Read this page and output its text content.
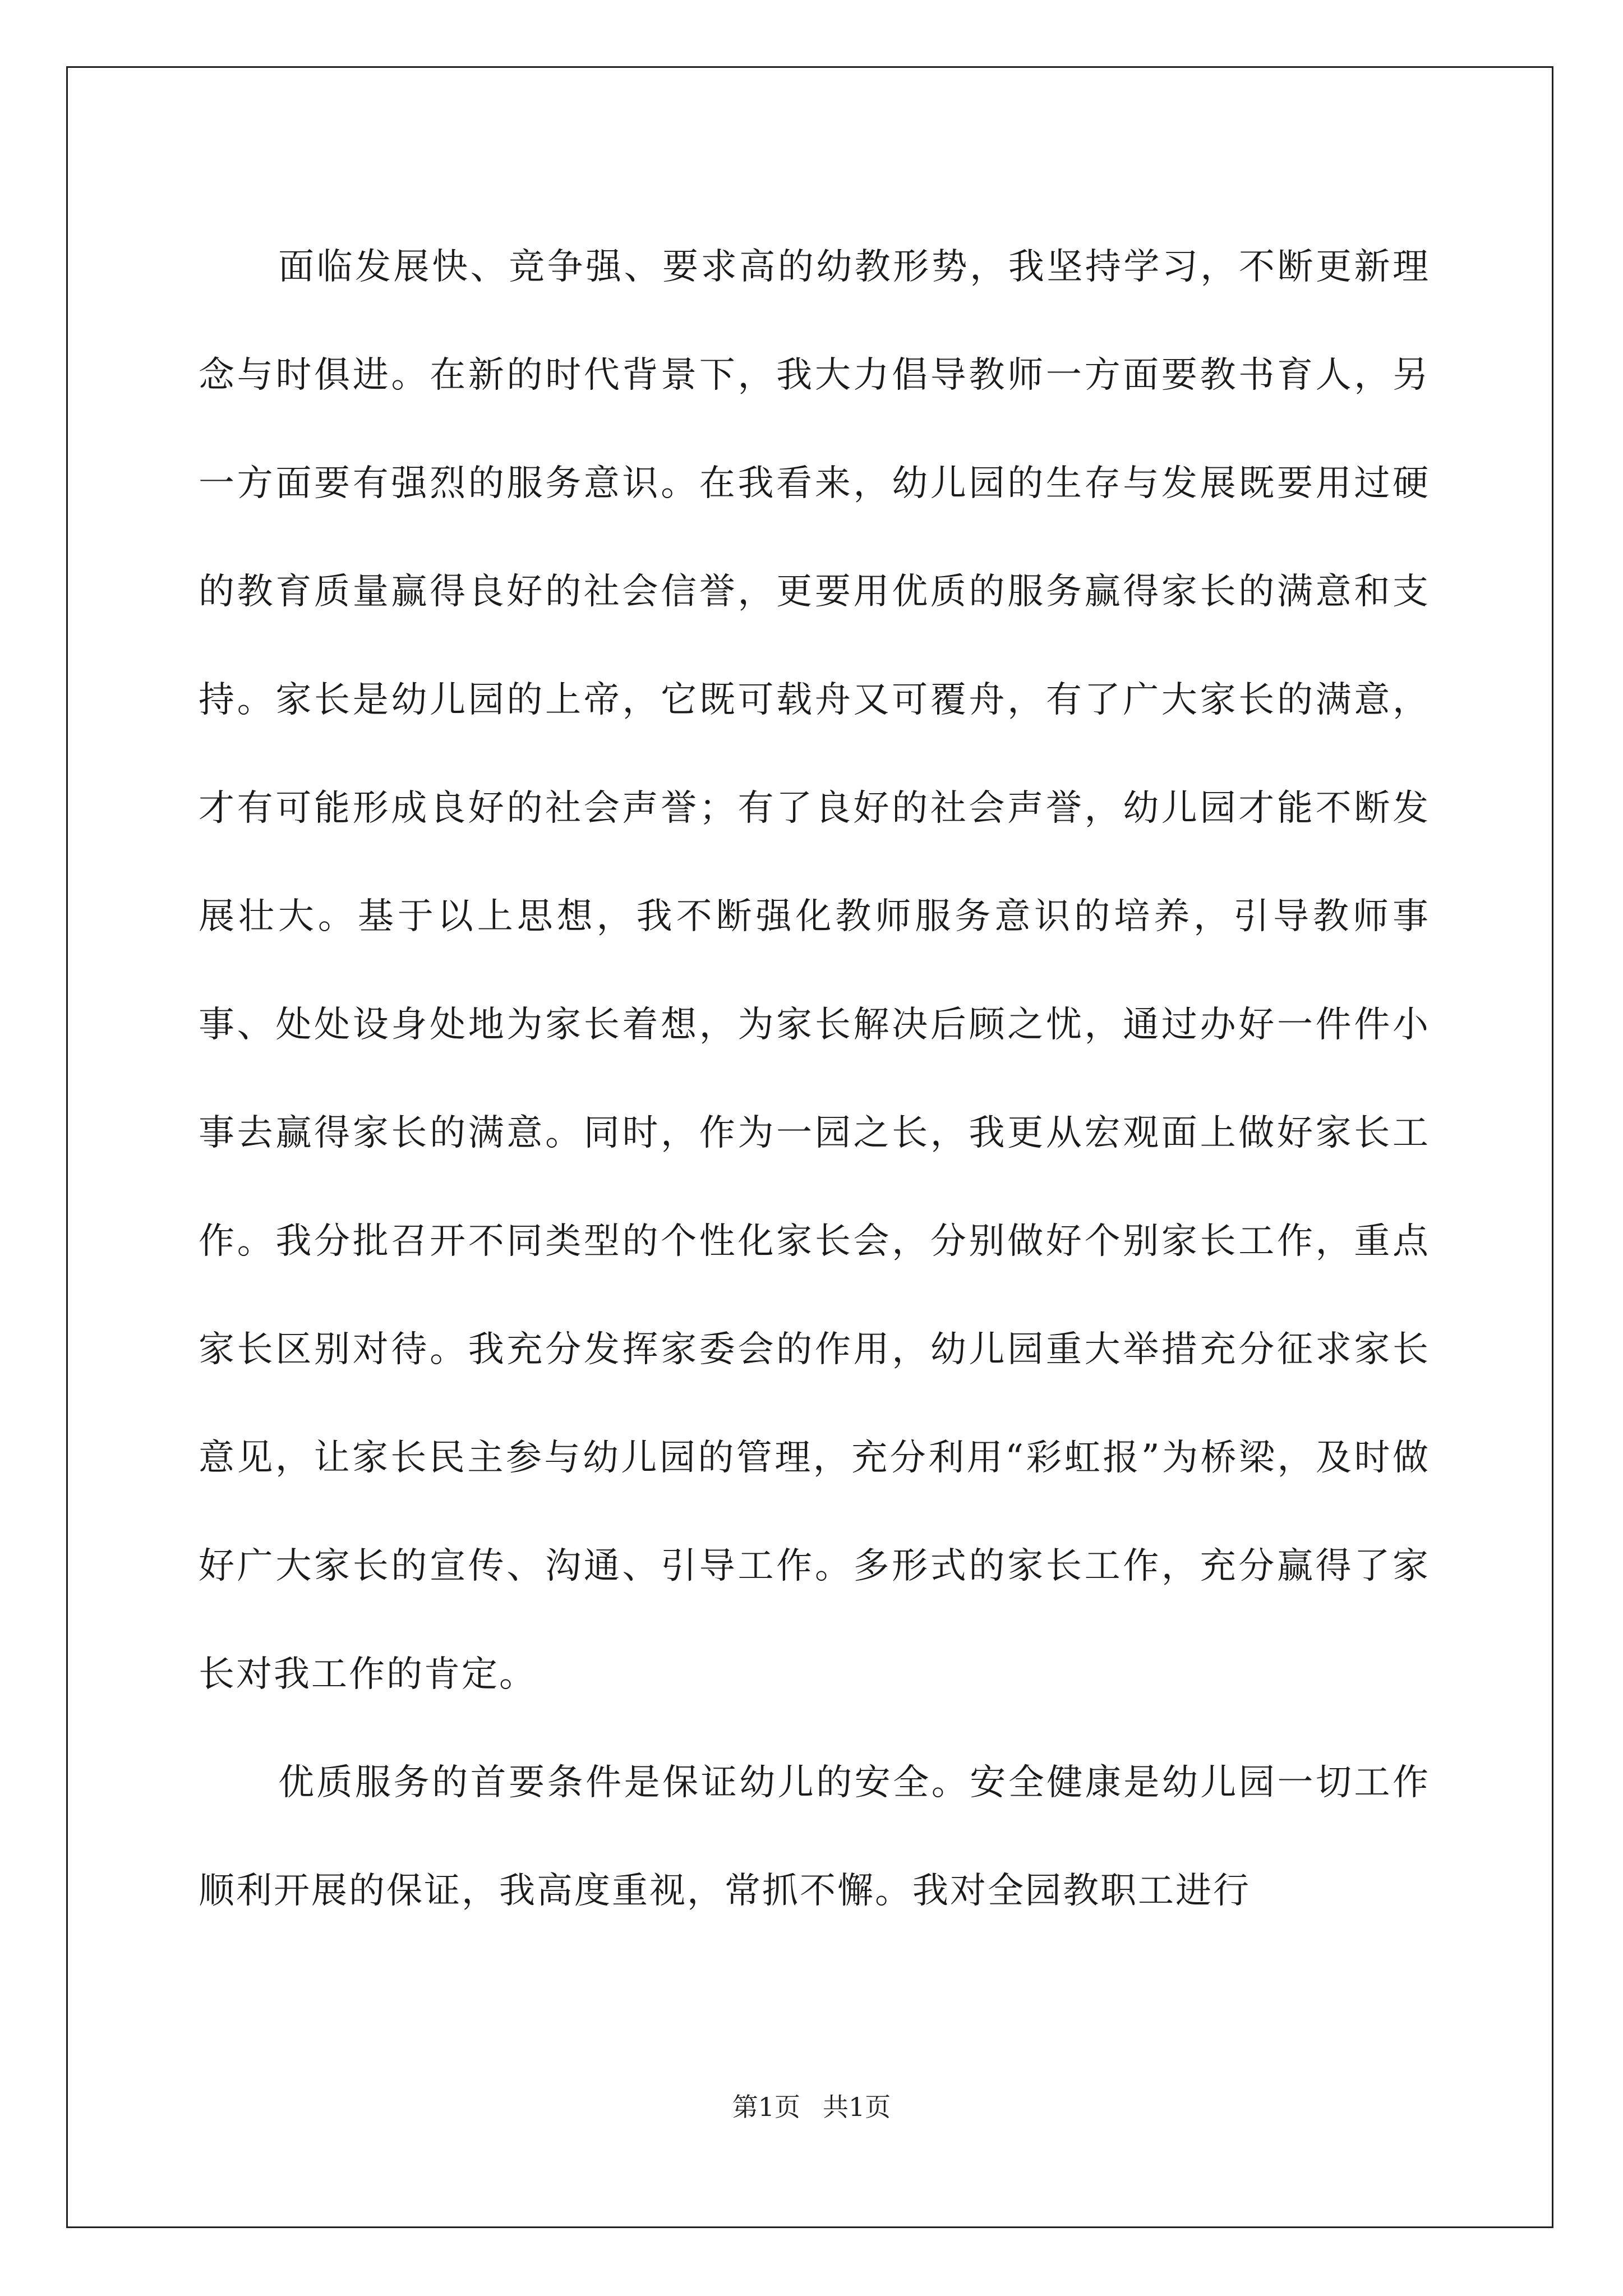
面临发展快、竞争强、要求高的幼教形势，我坚持学习，不断更新理念与时俱进。在新的时代背景下，我大力倡导教师一方面要教书育人，另一方面要有强烈的服务意识。在我看来，幼儿园的生存与发展既要用过硬的教育质量赢得良好的社会信誉，更要用优质的服务赢得家长的满意和支持。家长是幼儿园的上帝，它既可载舟又可覆舟，有了广大家长的满意，才有可能形成良好的社会声誉；有了良好的社会声誉，幼儿园才能不断发展壮大。基于以上思想，我不断强化教师服务意识的培养，引导教师事事、处处设身处地为家长着想，为家长解决后顾之忧，通过办好一件件小事去赢得家长的满意。同时，作为一园之长，我更从宏观面上做好家长工作。我分批召开不同类型的个性化家长会，分别做好个别家长工作，重点家长区别对待。我充分发挥家委会的作用，幼儿园重大举措充分征求家长意见，让家长民主参与幼儿园的管理，充分利用“彩虹报”为桥梁，及时做好广大家长的宣传、沟通、引导工作。多形式的家长工作，充分赢得了家长对我工作的肯定。

优质服务的首要条件是保证幼儿的安全。安全健康是幼儿园一切工作顺利开展的保证，我高度重视，常抓不懈。我对全园教职工进行

第1页 共1页
